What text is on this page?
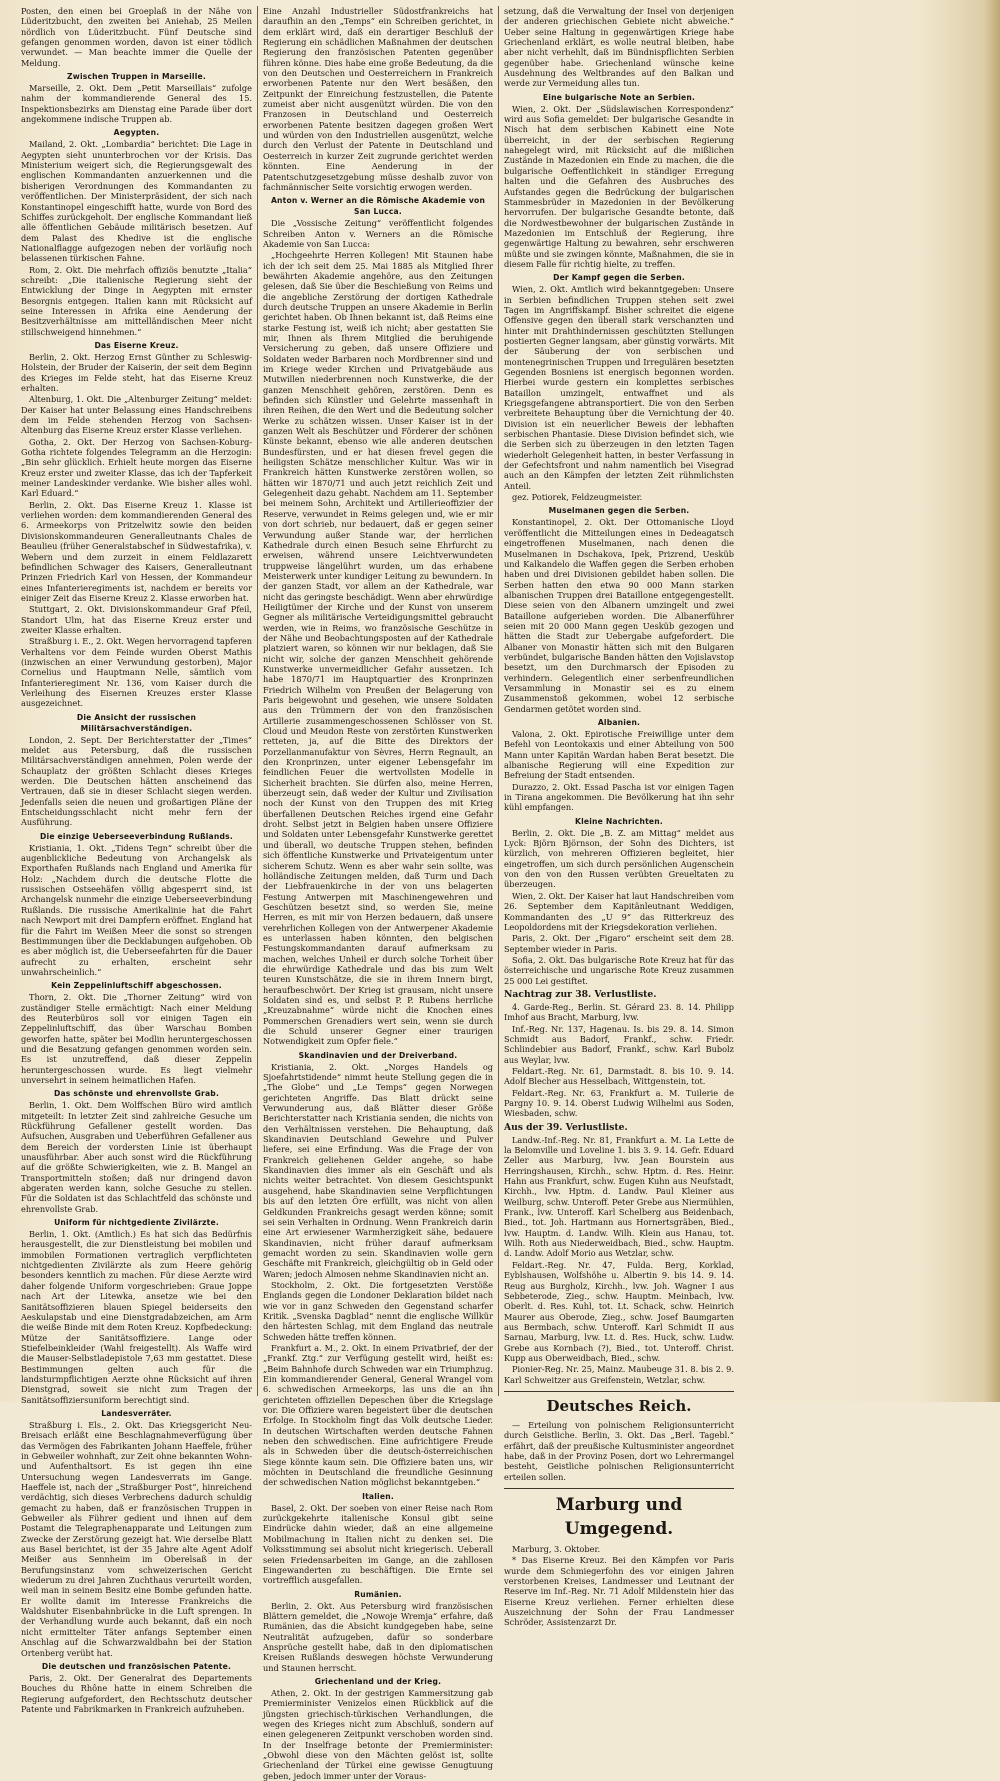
Posten, den einen bei Groeplaß in der Nähe von Lüderitzbucht, den zweiten bei Aniehab, 25 Meilen nördlich von Lüderitzbucht. Fünf Deutsche sind gefangen genommen worden, davon ist einer tödlich verwundet. — Man beachte immer die Quelle der Meldung.

Zwischen Truppen in Marseille.

Marseille, 2. Okt. Dem „Petit Marseillais“ zufolge nahm der kommandierende General des 15. Inspektionsbezirks am Dienstag eine Parade über dort angekommene indische Truppen ab.

Aegypten.

Mailand, 2. Okt. „Lombardia“ berichtet: Die Lage in Aegypten sieht ununterbrochen vor der Krisis. Das Ministerium weigert sich, die Regierungsgewalt des englischen Kommandanten anzuerkennen und die bisherigen Verordnungen des Kommandanten zu veröffentlichen. Der Ministerpräsident, der sich nach Konstantinopel eingeschifft hatte, wurde von Bord des Schiffes zurückgeholt. Der englische Kommandant ließ alle öffentlichen Gebäude militärisch besetzen. Auf dem Palast des Khedive ist die englische Nationalflagge aufgezogen neben der vorläufig noch belassenen türkischen Fahne.

Rom, 2. Okt. Die mehrfach offiziös benutzte „Italia“ schreibt: „Die italienische Regierung sieht der Entwicklung der Dinge in Aegypten mit ernster Besorgnis entgegen. Italien kann mit Rücksicht auf seine Interessen in Afrika eine Aenderung der Besitzverhältnisse am mittelländischen Meer nicht stillschweigend hinnehmen.“

Das Eiserne Kreuz.

Berlin, 2. Okt. Herzog Ernst Günther zu Schleswig-Holstein, der Bruder der Kaiserin, der seit dem Beginn des Krieges im Felde steht, hat das Eiserne Kreuz erhalten.

Altenburg, 1. Okt. Die „Altenburger Zeitung“ meldet: Der Kaiser hat unter Belassung eines Handschreibens dem im Felde stehenden Herzog von Sachsen-Altenburg das Eiserne Kreuz erster Klasse verliehen.

Gotha, 2. Okt. Der Herzog von Sachsen-Koburg-Gotha richtete folgendes Telegramm an die Herzogin: „Bin sehr glücklich. Erhielt heute morgen das Eiserne Kreuz erster und zweiter Klasse, das ich der Tapferkeit meiner Landeskinder verdanke. Wie bisher alles wohl. Karl Eduard.“

Berlin, 2. Okt. Das Eiserne Kreuz 1. Klasse ist verliehen worden: dem kommandierenden General des 6. Armeekorps von Pritzelwitz sowie den beiden Divisionskommandeuren Generalleutnants Chales de Beaulieu (früher Generalstabschef in Südwestafrika), v. Webern und dem zurzeit in einem Feldlazarett befindlichen Schwager des Kaisers, Generalleutnant Prinzen Friedrich Karl von Hessen, der Kommandeur eines Infanterieregiments ist, nachdem er bereits vor einiger Zeit das Eiserne Kreuz 2. Klasse erworben hat.

Stuttgart, 2. Okt. Divisionskommandeur Graf Pfeil, Standort Ulm, hat das Eiserne Kreuz erster und zweiter Klasse erhalten.

Straßburg i. E., 2. Okt. Wegen hervorragend tapferen Verhaltens vor dem Feinde wurden Oberst Mathis (inzwischen an einer Verwundung gestorben), Major Cornelius und Hauptmann Nelle, sämtlich vom Infanterieregiment Nr. 136, vom Kaiser durch die Verleihung des Eisernen Kreuzes erster Klasse ausgezeichnet.

Die Ansicht der russischen Militärsachverständigen.

London, 2. Sept. Der Berichterstatter der „Times“ meldet aus Petersburg, daß die russischen Militärsachverständigen annehmen, Polen werde der Schauplatz der größten Schlacht dieses Krieges werden. Die Deutschen hätten anscheinend das Vertrauen, daß sie in dieser Schlacht siegen werden. Jedenfalls seien die neuen und großartigen Pläne der Entscheidungsschlacht nicht mehr fern der Ausführung.

Die einzige Ueberseeverbindung Rußlands.

Kristiania, 1. Okt. „Tidens Tegn“ schreibt über die augenblickliche Bedeutung von Archangelsk als Exporthafen Rußlands nach England und Amerika für Holz: „Nachdem durch die deutsche Flotte die russischen Ostseehäfen völlig abgesperrt sind, ist Archangelsk nunmehr die einzige Ueberseeverbindung Rußlands. Die russische Amerikalinie hat die Fahrt nach Newport mit drei Dampfern eröffnet. England hat für die Fahrt im Weißen Meer die sonst so strengen Bestimmungen über die Decklabungen aufgehoben. Ob es aber möglich ist, die Ueberseefahrten für die Dauer aufrecht zu erhalten, erscheint sehr unwahrscheinlich.“

Kein Zeppelinluftschiff abgeschossen.

Thorn, 2. Okt. Die „Thorner Zeitung“ wird von zuständiger Stelle ermächtigt: Nach einer Meldung des Reuterbüros soll vor einigen Tagen ein Zeppelinluftschiff, das über Warschau Bomben geworfen hatte, später bei Modlin heruntergeschossen und die Besatzung gefangen genommen worden sein. Es ist unzutreffend, daß dieser Zeppelin heruntergeschossen wurde. Es liegt vielmehr unversehrt in seinem heimatlichen Hafen.

Das schönste und ehrenvollste Grab.

Berlin, 1. Okt. Dem Wolffschen Büro wird amtlich mitgeteilt: In letzter Zeit sind zahlreiche Gesuche um Rückführung Gefallener gestellt worden. Das Aufsuchen, Ausgraben und Ueberführen Gefallener aus dem Bereich der vordersten Linie ist überhaupt unausführbar. Aber auch sonst wird die Rückführung auf die größte Schwierigkeiten, wie z. B. Mangel an Transportmitteln stoßen; daß nur dringend davon abgeraten werden kann, solche Gesuche zu stellen. Für die Soldaten ist das Schlachtfeld das schönste und ehrenvollste Grab.

Uniform für nichtgediente Zivilärzte.

Berlin, 1. Okt. (Amtlich.) Es hat sich das Bedürfnis herausgestellt, die zur Dienstleistung bei mobilen und immobilen Formationen vertraglich verpflichteten nichtgedienten Zivilärzte als zum Heere gehörig besonders kenntlich zu machen. Für diese Aerzte wird daher folgende Uniform vorgeschrieben: Graue Joppe nach Art der Litewka, ansetze wie bei den Sanitätsoffizieren blauen Spiegel beiderseits den Aeskulapstab und eine Dienstgradabzeichen, am Arm die weiße Binde mit dem Roten Kreuz. Kopfbedeckung: Mütze der Sanitätsoffiziere. Lange oder Stiefelbeinkleider (Wahl freigestellt). Als Waffe wird die Mauser-Selbstladepistole 7,63 mm gestattet. Diese Bestimmungen gelten auch für die landsturmpflichtigen Aerzte ohne Rücksicht auf ihren Dienstgrad, soweit sie nicht zum Tragen der Sanitätsoffiziersuniform berechtigt sind.

Landesverräter.

Straßburg i. Els., 2. Okt. Das Kriegsgericht Neu-Breisach erläßt eine Beschlagnahmeverfügung über das Vermögen des Fabrikanten Johann Haeffele, früher in Gebweiler wohnhaft, zur Zeit ohne bekannten Wohn- und Aufenthaltsort. Es ist gegen ihn eine Untersuchung wegen Landesverrats im Gange. Haeffele ist, nach der „Straßburger Post“, hinreichend verdächtig, sich dieses Verbrechens dadurch schuldig gemacht zu haben, daß er französischen Truppen in Gebweiler als Führer gedient und ihnen auf dem Postamt die Telegraphenapparate und Leitungen zum Zwecke der Zerstörung gezeigt hat. Wie derselbe Blatt aus Basel berichtet, ist der 35 Jahre alte Agent Adolf Meißer aus Sennheim im Oberelsaß in der Berufungsinstanz vom schweizerischen Gericht wiederum zu drei Jahren Zuchthaus verurteilt worden, weil man in seinem Besitz eine Bombe gefunden hatte. Er wollte damit im Interesse Frankreichs die Waldshuter Eisenbahnbrücke in die Luft sprengen. In der Verhandlung wurde auch bekannt, daß ein noch nicht ermittelter Täter anfangs September einen Anschlag auf die Schwarzwaldbahn bei der Station Ortenberg verübt hat.

Die deutschen und französischen Patente.

Paris, 2. Okt. Der Generalrat des Departements Bouches du Rhône hatte in einem Schreiben die Regierung aufgefordert, den Rechtsschutz deutscher Patente und Fabrikmarken in Frankreich aufzuheben.

Eine Anzahl Industrieller Südostfrankreichs hat daraufhin an den „Temps“ ein Schreiben gerichtet, in dem erklärt wird, daß ein derartiger Beschluß der Regierung ein schädlichen Maßnahmen der deutschen Regierung den französischen Patenten gegenüber führen könne. Dies habe eine große Bedeutung, da die von den Deutschen und Oesterreichern in Frankreich erworbenen Patente nur den Wert besäßen, den Zeitpunkt der Einreichung festzustellen, die Patente zumeist aber nicht ausgenützt würden. Die von den Franzosen in Deutschland und Oesterreich erworbenen Patente besitzen dagegen großen Wert und würden von den Industriellen ausgenützt, welche durch den Verlust der Patente in Deutschland und Oesterreich in kurzer Zeit zugrunde gerichtet werden könnten. Eine Aenderung in der Patentschutzgesetzgebung müsse deshalb zuvor von fachmännischer Seite vorsichtig erwogen werden.

Anton v. Werner an die Römische Akademie von San Lucca.

Die „Vossische Zeitung“ veröffentlicht folgendes Schreiben Anton v. Werners an die Römische Akademie von San Lucca:

„Hochgeehrte Herren Kollegen! Mit Staunen habe ich der ich seit dem 25. Mai 1885 als Mitglied Ihrer bewährten Akademie angehöre, aus den Zeitungen gelesen, daß Sie über die Beschießung von Reims und die angebliche Zerstörung der dortigen Kathedrale durch deutsche Truppen an unsere Akademie in Berlin gerichtet haben. Ob Ihnen bekannt ist, daß Reims eine starke Festung ist, weiß ich nicht; aber gestatten Sie mir, Ihnen als Ihrem Mitglied die beruhigende Versicherung zu geben, daß unsere Offiziere und Soldaten weder Barbaren noch Mordbrenner sind und im Kriege weder Kirchen und Privatgebäude aus Mutwillen niederbrennen noch Kunstwerke, die der ganzen Menschheit gehören, zerstören. Denn es befinden sich Künstler und Gelehrte massenhaft in ihren Reihen, die den Wert und die Bedeutung solcher Werke zu schätzen wissen. Unser Kaiser ist in der ganzen Welt als Beschützer und Förderer der schönen Künste bekannt, ebenso wie alle anderen deutschen Bundesfürsten, und er hat diesen frevel gegen die heiligsten Schätze menschlicher Kultur. Was wir in Frankreich hätten Kunstwerke zerstören wollen, so hätten wir 1870/71 und auch jetzt reichlich Zeit und Gelegenheit dazu gehabt. Nachdem am 11. September bei meinem Sohn, Architekt und Artillerieoffizier der Reserve, verwundet in Reims gelegen und, wie er mir von dort schrieb, nur bedauert, daß er gegen seiner Verwundung außer Stande war, der herrlichen Kathedrale durch einen Besuch seine Ehrfurcht zu erweisen, während unsere Leichtverwundeten truppweise längelührt wurden, um das erhabene Meisterwerk unter kundiger Leitung zu bewundern. In der ganzen Stadt, vor allem an der Kathedrale, war nicht das geringste beschädigt. Wenn aber ehrwürdige Heiligtümer der Kirche und der Kunst von unserem Gegner als militärische Verteidigungsmittel gebraucht werden, wie in Reims, wo französische Geschütze in der Nähe und Beobachtungsposten auf der Kathedrale platziert waren, so können wir nur beklagen, daß Sie nicht wir, solche der ganzen Menschheit gehörende Kunstwerke unvermeidlicher Gefahr aussetzen. Ich habe 1870/71 im Hauptquartier des Kronprinzen Friedrich Wilhelm von Preußen der Belagerung von Paris beigewohnt und gesehen, wie unsere Soldaten aus den Trümmern der von den französischen Artillerie zusammengeschossenen Schlösser von St. Cloud und Meudon Reste von zerstörten Kunstwerken retteten, ja, auf die Bitte des Direktors der Porzellanmanufaktur von Sèvres, Herrn Regnault, an den Kronprinzen, unter eigener Lebensgefahr im feindlichen Feuer die wertvollsten Modelle in Sicherheit brachten. Sie dürfen also, meine Herren, überzeugt sein, daß weder der Kultur und Zivilisation noch der Kunst von den Truppen des mit Krieg überfallenen Deutschen Reiches irgend eine Gefahr droht. Selbst jetzt in Belgien haben unsere Offiziere und Soldaten unter Lebensgefahr Kunstwerke gerettet und überall, wo deutsche Truppen stehen, befinden sich öffentliche Kunstwerke und Privateigentum unter sicherem Schutz. Wenn es aber wahr sein sollte, was holländische Zeitungen melden, daß Turm und Dach der Liebfrauenkirche in der von uns belagerten Festung Antwerpen mit Maschinengewehren und Geschützen besetzt sind, so werden Sie, meine Herren, es mit mir von Herzen bedauern, daß unsere verehrlichen Kollegen von der Antwerpener Akademie es unterlassen haben könnten, den belgischen Festungskommandanten darauf aufmerksam zu machen, welches Unheil er durch solche Torheit über die ehrwürdige Kathedrale und das bis zum Welt teuren Kunstschätze, die sie in ihrem Innern birgt, heraufbeschwört. Der Krieg ist grausam, nicht unsere Soldaten sind es, und selbst P. P. Rubens herrliche „Kreuzabnahme“ würde nicht die Knochen eines Pommerschen Grenadiers wert sein, wenn sie durch die Schuld unserer Gegner einer traurigen Notwendigkeit zum Opfer fiele.“

Skandinavien und der Dreiverband.

Kristiania, 2. Okt. „Norges Handels og Sjoefahrtstidende“ nimmt heute Stellung gegen die in „The Globe“ und „Le Temps“ gegen Norwegen gerichteten Angriffe. Das Blatt drückt seine Verwunderung aus, daß Blätter dieser Größe Berichterstatter nach Kristiania senden, die nichts von den Verhältnissen verstehen. Die Behauptung, daß Skandinavien Deutschland Gewehre und Pulver liefere, sei eine Erfindung. Was die Frage der von Frankreich geliehenen Gelder angehe, so habe Skandinavien dies immer als ein Geschäft und als nichts weiter betrachtet. Von diesem Gesichtspunkt ausgehend, habe Skandinavien seine Verpflichtungen bis auf den letzten Öre erfüllt, was nicht von allen Geldkunden Frankreichs gesagt werden könne; somit sei sein Verhalten in Ordnung. Wenn Frankreich darin eine Art erwiesener Warmherzigkeit sähe, bedauere Skandinavien, nicht früher darauf aufmerksam gemacht worden zu sein. Skandinavien wolle gern Geschäfte mit Frankreich, gleichgültig ob in Geld oder Waren; jedoch Almosen nehme Skandinavien nicht an.

Stockholm, 2. Okt. Die fortgesetzten Verstöße Englands gegen die Londoner Deklaration bildet nach wie vor in ganz Schweden den Gegenstand scharfer Kritik. „Svenska Dagblad“ nennt die englische Willkür den härtesten Schlag, mit dem England das neutrale Schweden hätte treffen können.

Frankfurt a. M., 2. Okt. In einem Privatbrief, der der „Frankf. Ztg.“ zur Verfügung gestellt wird, heißt es: „Beim Bahnhofe durch Schweden war ein Triumphzug. Ein kommandierender General, General Wrangel vom 6. schwedischen Armeekorps, las uns die an ihn gerichteten offiziellen Depeschen über die Kriegslage vor. Die Offiziere waren begeistert über die deutschen Erfolge. In Stockholm fingt das Volk deutsche Lieder. In deutschen Wirtschaften werden deutsche Fahnen neben den schwedischen. Eine aufrichtigere Freude als in Schweden über die deutsch-österreichischen Siege könnte kaum sein. Die Offiziere baten uns, wir möchten in Deutschland die freundliche Gesinnung der schwedischen Nation möglichst bekanntgeben.“

Italien.

Basel, 2. Okt. Der soeben von einer Reise nach Rom zurückgekehrte italienische Konsul gibt seine Eindrücke dahin wieder, daß an eine allgemeine Mobilmachung in Italien nicht zu denken sei. Die Volksstimmung sei absolut nicht kriegerisch. Ueberall seien Friedensarbeiten im Gange, an die zahllosen Eingewanderten zu beschäftigen. Die Ernte sei vortrefflich ausgefallen.

Rumänien.

Berlin, 2. Okt. Aus Petersburg wird französischen Blättern gemeldet, die „Nowoje Wremja“ erfahre, daß Rumänien, das die Absicht kundgegeben habe, seine Neutralität aufzugeben, dafür so sonderbare Ansprüche gestellt habe, daß in den diplomatischen Kreisen Rußlands deswegen höchste Verwunderung und Staunen herrscht.

Griechenland und der Krieg.

Athen, 2. Okt. In der gestrigen Kammersitzung gab Premierminister Venizelos einen Rückblick auf die jüngsten griechisch-türkischen Verhandlungen, die wegen des Krieges nicht zum Abschluß, sondern auf einen gelegeneren Zeitpunkt verschoben worden sind. In der Inselfrage betonte der Premierminister: „Obwohl diese von den Mächten gelöst ist, sollte Griechenland der Türkei eine gewisse Genugtuung geben, jedoch immer unter der Voraus-

setzung, daß die Verwaltung der Insel von derjenigen der anderen griechischen Gebiete nicht abweiche.“ Ueber seine Haltung in gegenwärtigen Kriege habe Griechenland erklärt, es wolle neutral bleiben, habe aber nicht verhehlt, daß im Bündnispflichten Serbien gegenüber habe. Griechenland wünsche keine Ausdehnung des Weltbrandes auf den Balkan und werde zur Vermeidung alles tun.

Eine bulgarische Note an Serbien.

Wien, 2. Okt. Der „Südslawischen Korrespondenz“ wird aus Sofia gemeldet: Der bulgarische Gesandte in Nisch hat dem serbischen Kabinett eine Note überreicht, in der der serbischen Regierung nahegelegt wird, mit Rücksicht auf die mißlichen Zustände in Mazedonien ein Ende zu machen, die die bulgarische Oeffentlichkeit in ständiger Erregung halten und die Gefahren des Ausbruches des Aufstandes gegen die Bedrückung der bulgarischen Stammesbrüder in Mazedonien in der Bevölkerung hervorrufen. Der bulgarische Gesandte betonte, daß die Nordwestbewohner der bulgarischen Zustände in Mazedonien im Entschluß der Regierung, ihre gegenwärtige Haltung zu bewahren, sehr erschweren müßte und sie zwingen könnte, Maßnahmen, die sie in diesem Falle für richtig hielte, zu treffen.

Der Kampf gegen die Serben.

Wien, 2. Okt. Amtlich wird bekanntgegeben: Unsere in Serbien befindlichen Truppen stehen seit zwei Tagen im Angriffskampf. Bisher schreitet die eigene Offensive gegen den überall stark verschanzten und hinter mit Drahthindernissen geschützten Stellungen postierten Gegner langsam, aber günstig vorwärts. Mit der Säuberung der von serbischen und montenegrinischen Truppen und Irregulären besetzten Gegenden Bosniens ist energisch begonnen worden. Hierbei wurde gestern ein komplettes serbisches Bataillon umzingelt, entwaffnet und als Kriegsgefangene abtransportiert. Die von den Serben verbreitete Behauptung über die Vernichtung der 40. Division ist ein neuerlicher Beweis der lebhaften serbischen Phantasie. Diese Division befindet sich, wie die Serben sich zu überzeugen in den letzten Tagen wiederholt Gelegenheit hatten, in bester Verfassung in der Gefechtsfront und nahm namentlich bei Visegrad auch an den Kämpfen der letzten Zeit rühmlichsten Anteil.

gez. Potiorek, Feldzeugmeister.

Muselmanen gegen die Serben.

Konstantinopel, 2. Okt. Der Ottomanische Lloyd veröffentlicht die Mitteilungen eines in Dedeagatsch eingetroffenen Muselmanen, nach denen die Muselmanen in Dschakova, Ipek, Prizrend, Uesküb und Kalkandelo die Waffen gegen die Serben erhoben haben und drei Divisionen gebildet haben sollen. Die Serben hatten den etwa 90 000 Mann starken albanischen Truppen drei Bataillone entgegengestellt. Diese seien von den Albanern umzingelt und zwei Bataillone aufgerieben worden. Die Albanerführer seien mit 20 000 Mann gegen Uesküb gezogen und hätten die Stadt zur Uebergabe aufgefordert. Die Albaner von Monastir hätten sich mit den Bulgaren verbündet, bulgarische Banden hätten den Vojislavstop besetzt, um den Durchmarsch der Episoden zu verhindern. Gelegentlich einer serbenfreundlichen Versammlung in Monastir sei es zu einem Zusammenstoß gekommen, wobei 12 serbische Gendarmen getötet worden sind.

Albanien.

Valona, 2. Okt. Epirotische Freiwillige unter dem Befehl von Leontokaxis und einer Abteilung von 500 Mann unter Kapitän Wardan haben Berat besetzt. Die albanische Regierung will eine Expedition zur Befreiung der Stadt entsenden.

Durazzo, 2. Okt. Essad Pascha ist vor einigen Tagen in Tirana angekommen. Die Bevölkerung hat ihn sehr kühl empfangen.

Kleine Nachrichten.

Berlin, 2. Okt. Die „B. Z. am Mittag“ meldet aus Lyck: Björn Björnson, der Sohn des Dichters, ist kürzlich, von mehreren Offizieren begleitet, hier eingetroffen, um sich durch persönlichen Augenschein von den von den Russen verübten Greueltaten zu überzeugen.

Wien, 2. Okt. Der Kaiser hat laut Handschreiben vom 26. September dem Kapitänleutnant Weddigen, Kommandanten des „U 9“ das Ritterkreuz des Leopoldordens mit der Kriegsdekoration verliehen.

Paris, 2. Okt. Der „Figaro“ erscheint seit dem 28. September wieder in Paris.

Sofia, 2. Okt. Das bulgarische Rote Kreuz hat für das österreichische und ungarische Rote Kreuz zusammen 25 000 Lei gestiftet.

Nachtrag zur 38. Verlustliste.

4. Garde-Reg., Berlin. St. Gérard 23. 8. 14. Philipp Imhof aus Bracht, Marburg, lvw.

Inf.-Reg. Nr. 137, Hagenau. Is. bis 29. 8. 14. Simon Schmidt aus Badorf, Frankf., schw. Friedr. Schlindebier aus Badorf, Frankf., schw. Karl Bubolz aus Weylar, lvw.

Feldart.-Reg. Nr. 61, Darmstadt. 8. bis 10. 9. 14. Adolf Blecher aus Hesselbach, Wittgenstein, tot.

Feldart.-Reg. Nr. 63, Frankfurt a. M. Tuilerie de Pargny 10. 9. 14. Oberst Ludwig Wilhelmi aus Soden, Wiesbaden, schw.

Aus der 39. Verlustliste.

Landw.-Inf.-Reg. Nr. 81, Frankfurt a. M. La Lette de la Belomville und Loveline 1. bis 3. 9. 14. Gefr. Eduard Zeller aus Marburg, lvw. Jean Bourstein aus Herringshausen, Kirchh., schw. Hptm. d. Res. Heinr. Hahn aus Frankfurt, schw. Eugen Kuhn aus Neufstadt, Kirchh., lvw. Hptm. d. Landw. Paul Kleiner aus Weilburg, schw. Unteroff. Peter Grebe aus Niermühlen, Frank., lvw. Unteroff. Karl Schelberg aus Beidenbach, Bied., tot. Joh. Hartmann aus Hornertsgräben, Bied., lvw. Hauptm. d. Landw. Wilh. Klein aus Hanau, tot. Wilh. Roth aus Niederweidbach, Bied., schw. Hauptm. d. Landw. Adolf Morio aus Wetzlar, schw.

Feldart.-Reg. Nr. 47, Fulda. Berg, Korklad, Eyblshausen, Wolfshöhe u. Albertin 9. bis 14. 9. 14. Reug aus Burgholz, Kirchh., lvw. Joh. Wagner I aus Sebbeterode, Zieg., schw. Hauptm. Meinbach, lvw. Oberlt. d. Res. Kuhl, tot. Lt. Schack, schw. Heinrich Maurer aus Oberode, Zieg., schw. Josef Baumgarten aus Bermbach, schw. Unteroff. Karl Schmidt II aus Sarnau, Marburg, lvw. Lt. d. Res. Huck, schw. Ludw. Grebe aus Kornbach (?), Bied., tot. Unteroff. Christ. Kupp aus Oberweidbach, Bied., schw.

Pionier-Reg. Nr. 25, Mainz. Maubeuge 31. 8. bis 2. 9. Karl Schweitzer aus Greifenstein, Wetzlar, schw.

Deutsches Reich.

— Erteilung von polnischem Religionsunterricht durch Geistliche. Berlin, 3. Okt. Das „Berl. Tagebl.“ erfährt, daß der preußische Kultusminister angeordnet habe, daß in der Provinz Posen, dort wo Lehrermangel besteht, Geistliche polnischen Religionsunterricht erteilen sollen.

Marburg und Umgegend.

Marburg, 3. Oktober.

* Das Eiserne Kreuz. Bei den Kämpfen vor Paris wurde dem Schmiegerfohn des vor einigen Jahren verstorbenen Kreises, Landmesser und Leutnant der Reserve im Inf.-Reg. Nr. 71 Adolf Mildenstein hier das Eiserne Kreuz verliehen. Ferner erhielten diese Auszeichnung der Sohn der Frau Landmesser Schröder, Assistenzarzt Dr.
